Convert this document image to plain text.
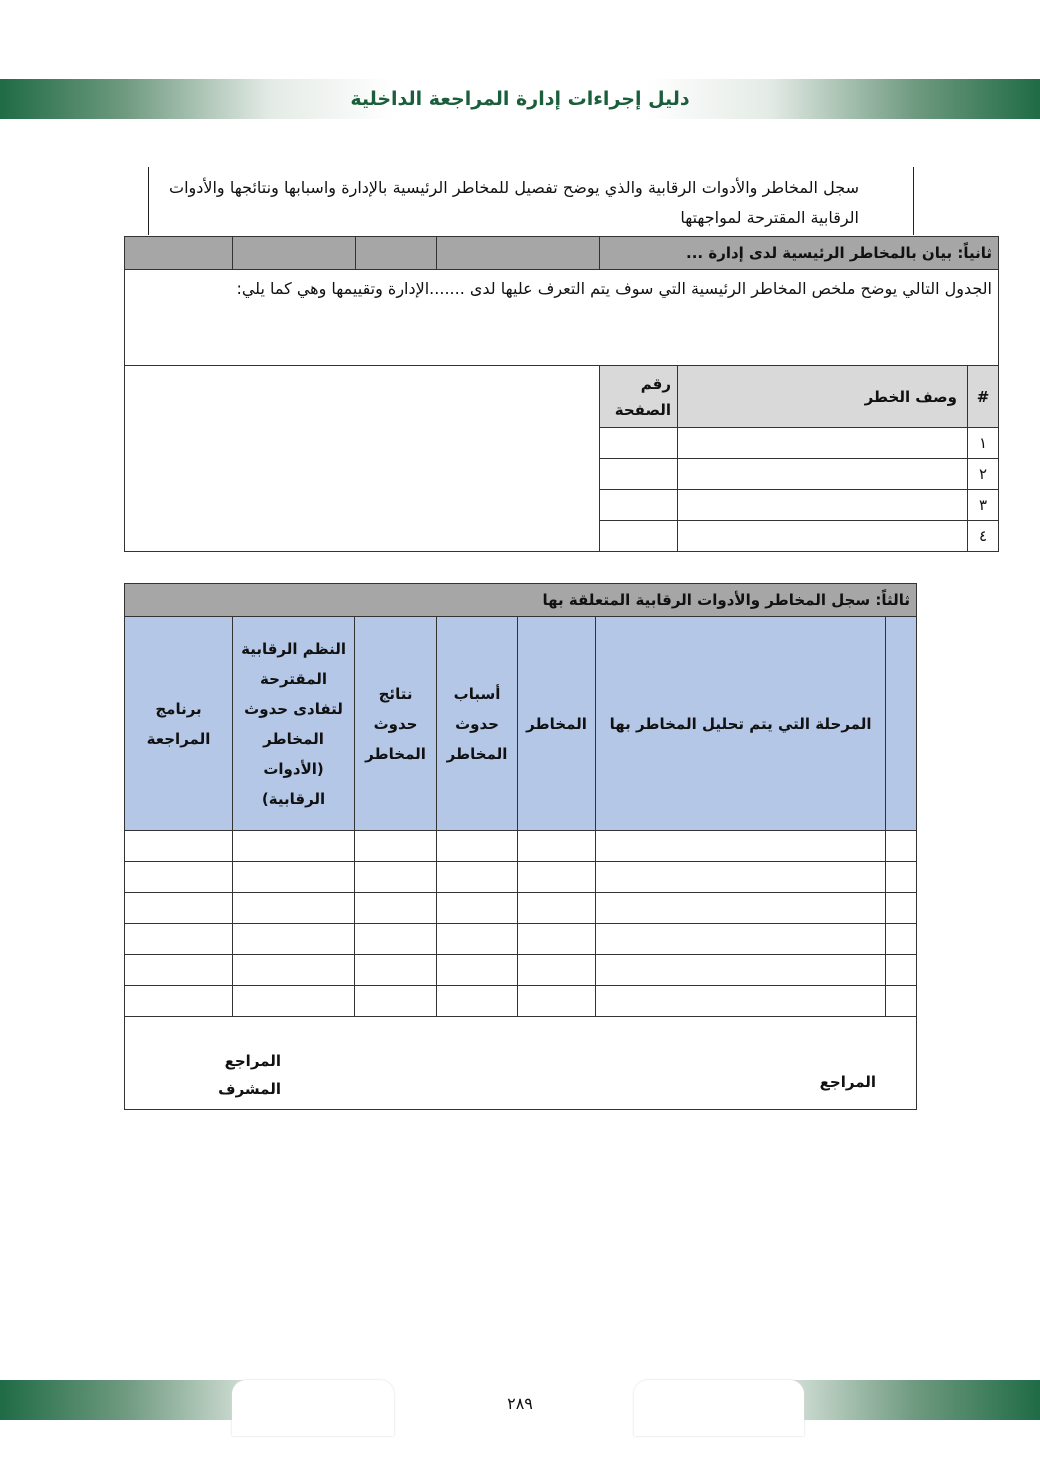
دليل إجراءات إدارة المراجعة الداخلية
سجل المخاطر والأدوات الرقابية والذي يوضح تفصيل للمخاطر الرئيسية بالإدارة واسبابها ونتائجها والأدوات الرقابية المقترحة لمواجهتها
ثانياً: بيان بالمخاطر الرئيسية لدى إدارة ...						
الجدول التالي يوضح ملخص المخاطر الرئيسية التي سوف يتم التعرف عليها لدى .......الإدارة وتقييمها وهي كما يلي:						
#	وصف الخطر	رقم الصفحة				
١						
٢						
٣						
٤						
ثالثاً: سجل المخاطر والأدوات الرقابية المتعلقة بها						
	المرحلة التي يتم تحليل المخاطر بها	المخاطر	أسباب حدوث المخاطر	نتائج حدوث المخاطر	النظم الرقابية المقترحة لتفادى حدوث المخاطر (الأدوات الرقابية)	برنامج المراجعة

المراجع
المراجع المشرف						
٢٨٩
